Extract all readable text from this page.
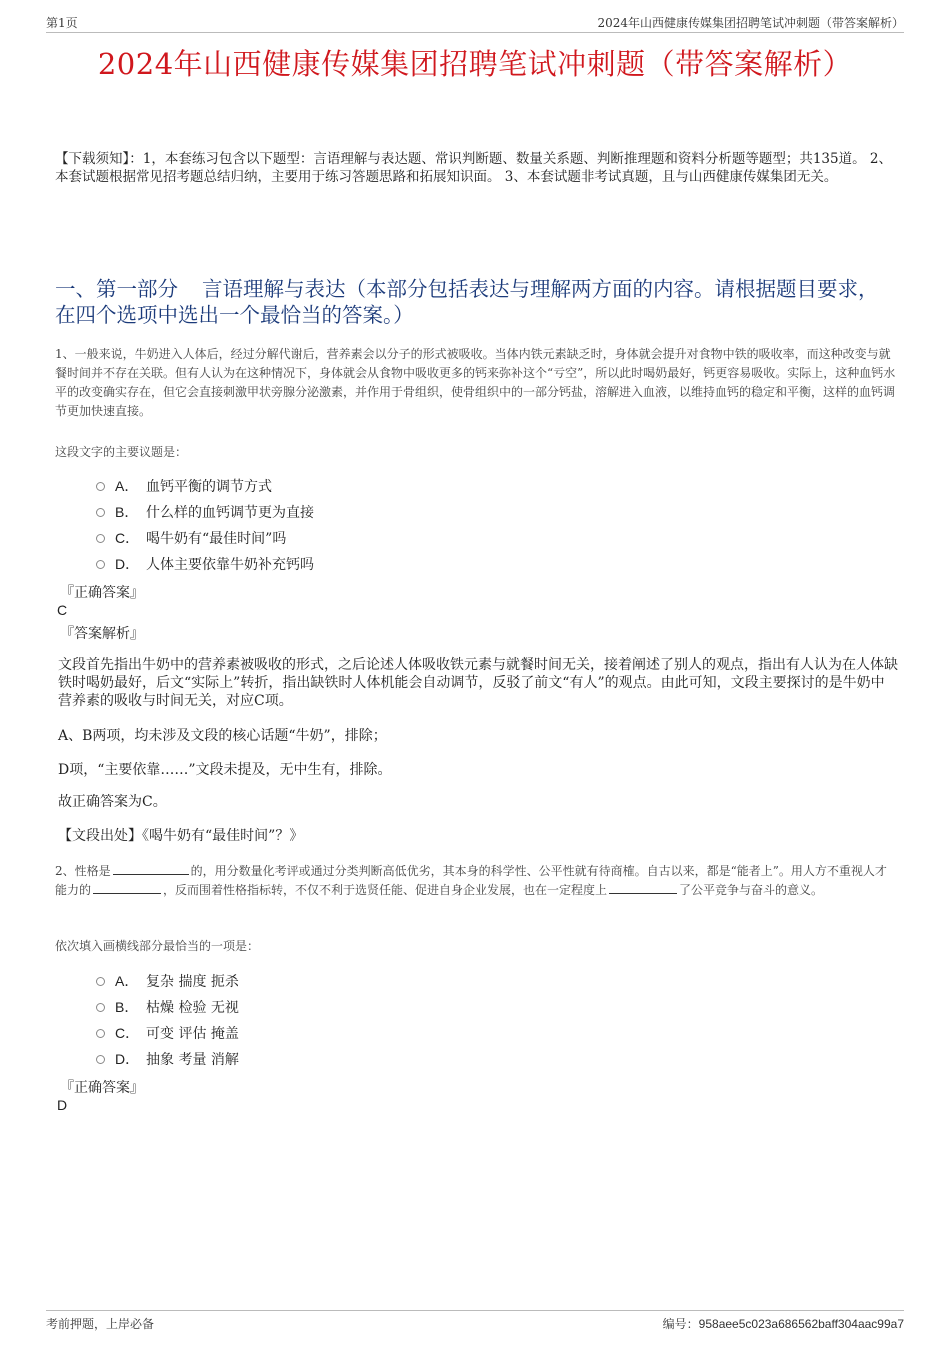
第1页	2024年山西健康传媒集团招聘笔试冲刺题（带答案解析）
2024年山西健康传媒集团招聘笔试冲刺题（带答案解析）
【下载须知】：1，本套练习包含以下题型：言语理解与表达题、常识判断题、数量关系题、判断推理题和资料分析题等题型；共135道。 2、本套试题根据常见招考题总结归纳，主要用于练习答题思路和拓展知识面。 3、本套试题非考试真题，且与山西健康传媒集团无关。
一、第一部分 言语理解与表达（本部分包括表达与理解两方面的内容。请根据题目要求，在四个选项中选出一个最恰当的答案。）
1、一般来说，牛奶进入人体后，经过分解代谢后，营养素会以分子的形式被吸收。当体内铁元素缺乏时，身体就会提升对食物中铁的吸收率，而这种改变与就餐时间并不存在关联。但有人认为在这种情况下，身体就会从食物中吸收更多的钙来弥补这个“亏空”，所以此时喝奶最好，钙更容易吸收。实际上，这种血钙水平的改变确实存在，但它会直接刺激甲状旁腺分泌激素，并作用于骨组织，使骨组织中的一部分钙盐，溶解进入血液，以维持血钙的稳定和平衡，这样的血钙调节更加快速直接。
这段文字的主要议题是：
A． 血钙平衡的调节方式
B． 什么样的血钙调节更为直接
C． 喝牛奶有“最佳时间”吗
D． 人体主要依靠牛奶补充钙吗
『正确答案』
C
『答案解析』
文段首先指出牛奶中的营养素被吸收的形式，之后论述人体吸收铁元素与就餐时间无关，接着阐述了别人的观点，指出有人认为在人体缺铁时喝奶最好，后文“实际上”转折，指出缺铁时人体机能会自动调节，反驳了前文“有人”的观点。由此可知，文段主要探讨的是牛奶中营养素的吸收与时间无关，对应C项。
A、B两项，均未涉及文段的核心话题“牛奶”，排除；
D项，“主要依靠……”文段未提及，无中生有，排除。
故正确答案为C。
【文段出处】《喝牛奶有“最佳时间”？》
2、性格是	的，用分数量化考评或通过分类判断高低优劣，其本身的科学性、公平性就有待商榷。自古以来，都是“能者上”。用人方不重视人才能力的	，反而围着性格指标转，不仅不利于选贤任能、促进自身企业发展，也在一定程度上	了公平竞争与奋斗的意义。
依次填入画横线部分最恰当的一项是：
A． 复杂 揣度 扼杀
B． 枯燥 检验 无视
C． 可变 评估 掩盖
D． 抽象 考量 消解
『正确答案』
D
考前押题，上岸必备	编号：958aee5c023a686562baff304aac99a7
